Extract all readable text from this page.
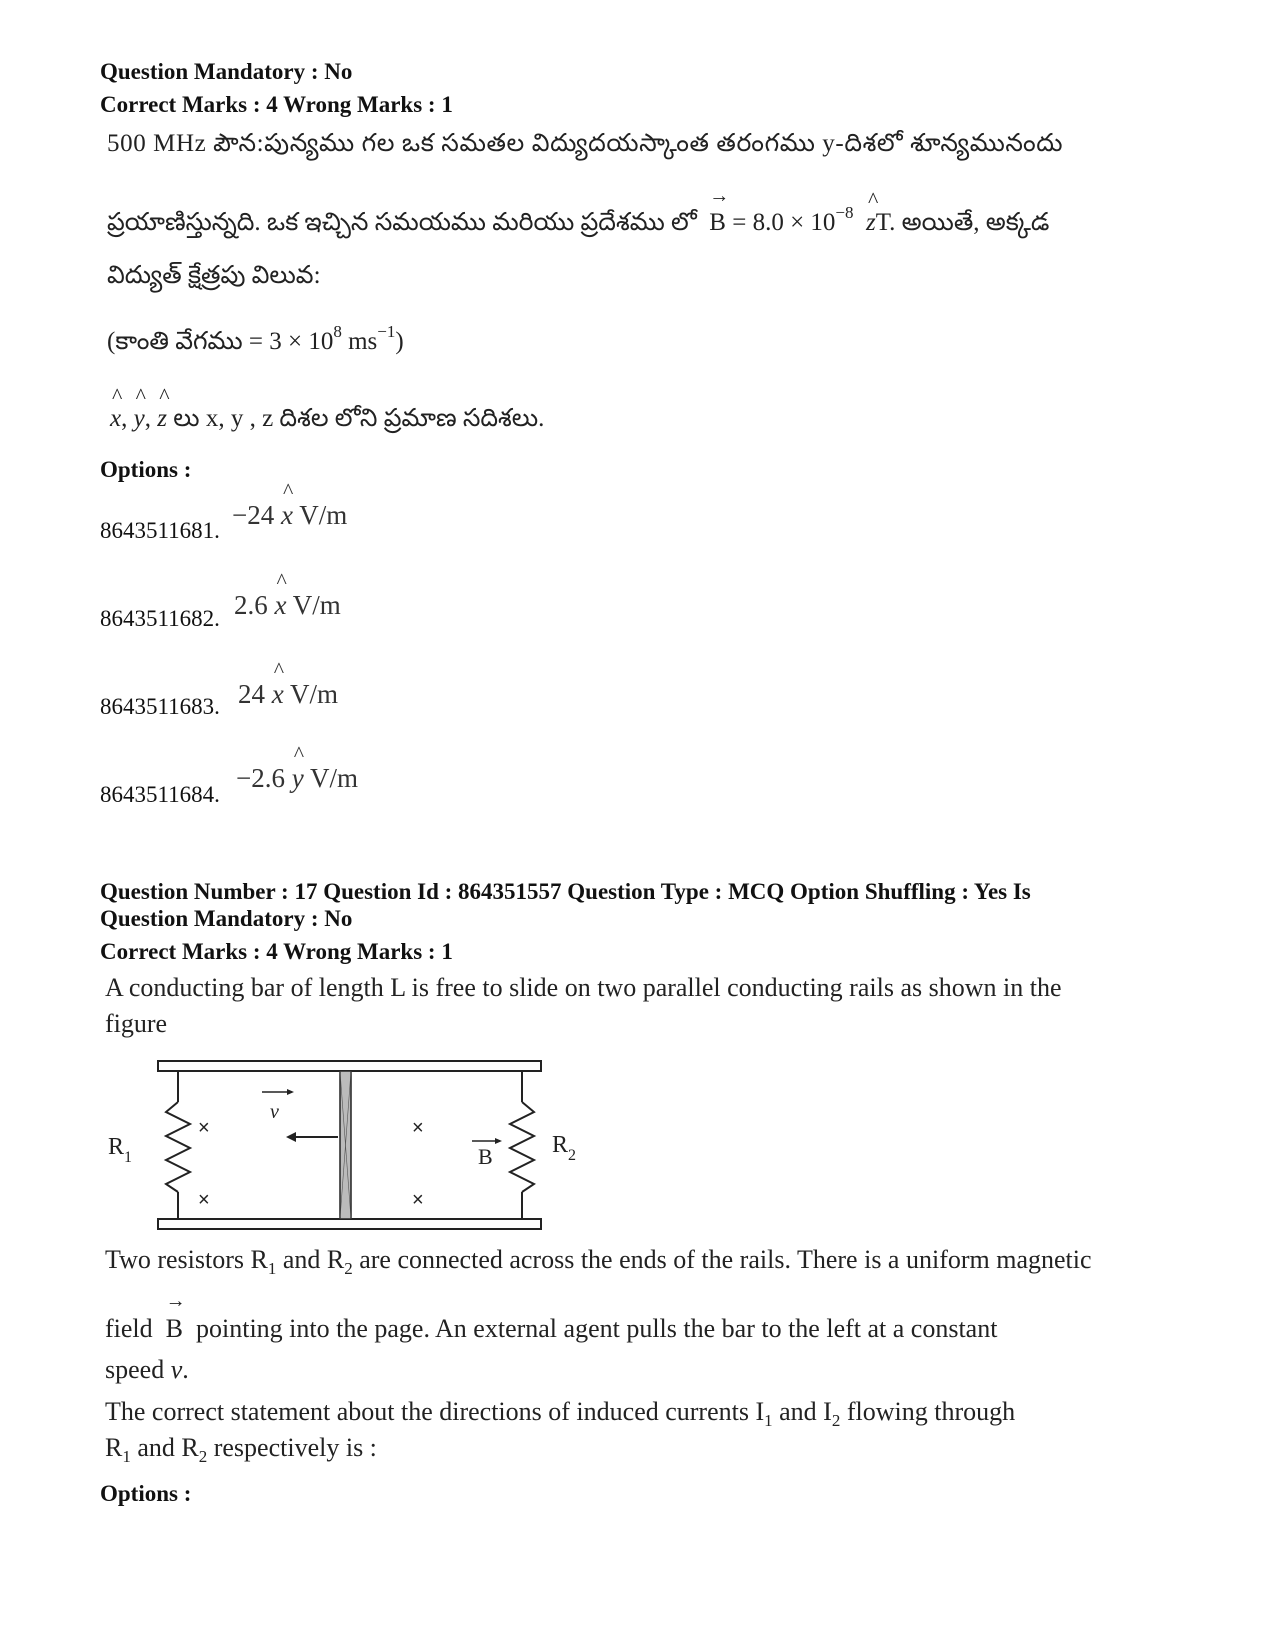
Question Mandatory : No
Correct Marks : 4 Wrong Marks : 1
500 MHz పౌన:పున్యము గల ఒక సమతల విద్యుదయస్కాంత తరంగము y-దిశలో శూన్యమునందు
ప్రయాణిస్తున్నది. ఒక ఇచ్చిన సమయము మరియు ప్రదేశము లో → $B = 8.0 \times 10^{-8}$ ^ zT. అయితే, అక్కడ
విద్యుత్ క్షేత్రపు విలువ:
(కాంతి వేగము = $3 \times 10^8$ $ms^{-1}$)
^ x, ^ y, ^ z లు x, y , z దిశల లోని ప్రమాణ సదిశలు.
Options :
8643511681.
−24 ^ x V/m
8643511682. 2.6 ^ x V/m
8643511683. 24 ^ x V/m
8643511684.
−2.6 ^ y V/m
Question Number : 17 Question Id : 864351557 Question Type : MCQ Option Shuffling : Yes Is
Question Mandatory : No
Correct Marks : 4 Wrong Marks : 1
A conducting bar of length L is free to slide on two parallel conducting rails as shown in the
figure
v
×
×
×
×
B
$R_1$	$R_2$
Two resistors $R_1$ and $R_2$ are connected across the ends of the rails. There is a uniform magnetic
field → B pointing into the page. An external agent pulls the bar to the left at a constant
speed v.
The correct statement about the directions of induced currents $I_1$ and $I_2$ flowing through
$R_1$ and $R_2$ respectively is :
Options :
